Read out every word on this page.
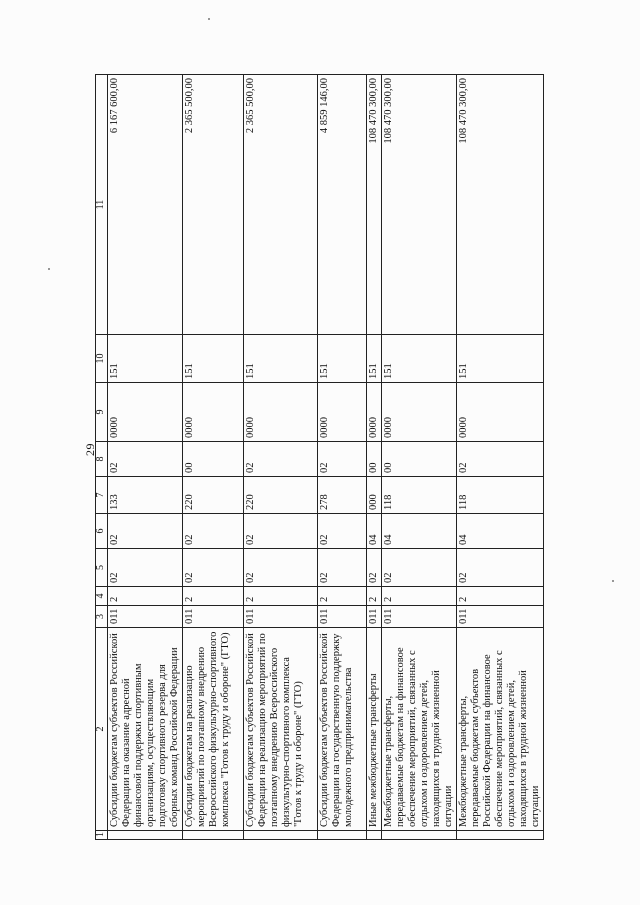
29
1	2	3	4	5	6	7	8	9	10	11
	Субсидии бюджетам субъектов Российской Федерации на оказание адресной финансовой поддержки спортивным организациям, осуществляющим подготовку спортивного резерва для сборных команд Российской Федерации	011	2	02	02	133	02	0000	151	6 167 600,00
	Субсидии бюджетам на реализацию мероприятий по поэтапному внедрению Всероссийского физкультурно-спортивного комплекса "Готов к труду и обороне" (ГТО)	011	2	02	02	220	00	0000	151	2 365 500,00
	Субсидии бюджетам субъектов Российской Федерации на реализацию мероприятий по поэтапному внедрению Всероссийского физкультурно-спортивного комплекса "Готов к труду и обороне" (ГТО)	011	2	02	02	220	02	0000	151	2 365 500,00
	Субсидии бюджетам субъектов Российской Федерации на государственную поддержку молодежного предпринимательства	011	2	02	02	278	02	0000	151	4 859 146,00
	Иные межбюджетные трансферты	011	2	02	04	000	00	0000	151	108 470 300,00
	Межбюджетные трансферты, передаваемые бюджетам на финансовое обеспечение мероприятий, связанных с отдыхом и оздоровлением детей, находящихся в трудной жизненной ситуации	011	2	02	04	118	00	0000	151	108 470 300,00
	Межбюджетные трансферты, передаваемые бюджетам субъектов Российской Федерации на финансовое обеспечение мероприятий, связанных с отдыхом и оздоровлением детей, находящихся в трудной жизненной ситуации	011	2	02	04	118	02	0000	151	108 470 300,00
